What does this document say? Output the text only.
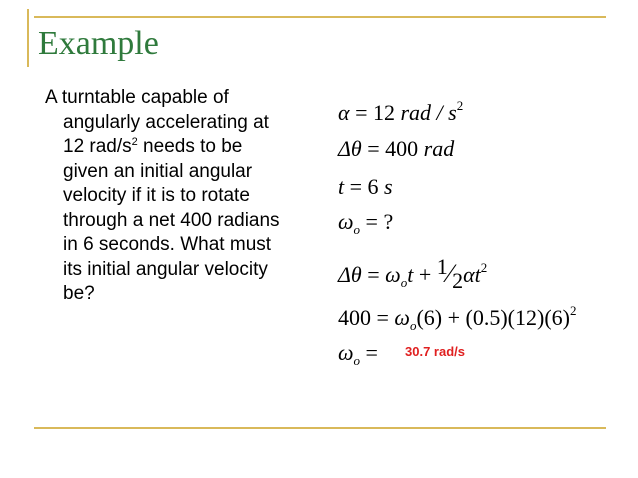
Example
A turntable capable of
angularly accelerating at
12 rad/$s^2$ needs to be
given an initial angular
velocity if it is to rotate
through a net 400 radians
in 6 seconds. What must
its initial angular velocity
be?
α = 12 rad / $s^2$
Δθ = 400 rad
t = 6 s
$\omega_o$ = ?
$\Delta\theta = \omega_ot$ + $1⁄2\alpha t^2$
$400 = \omega_o(6) + (0.5)(12)(6)^2$
$\omega_o = 30.7$ rad/s
